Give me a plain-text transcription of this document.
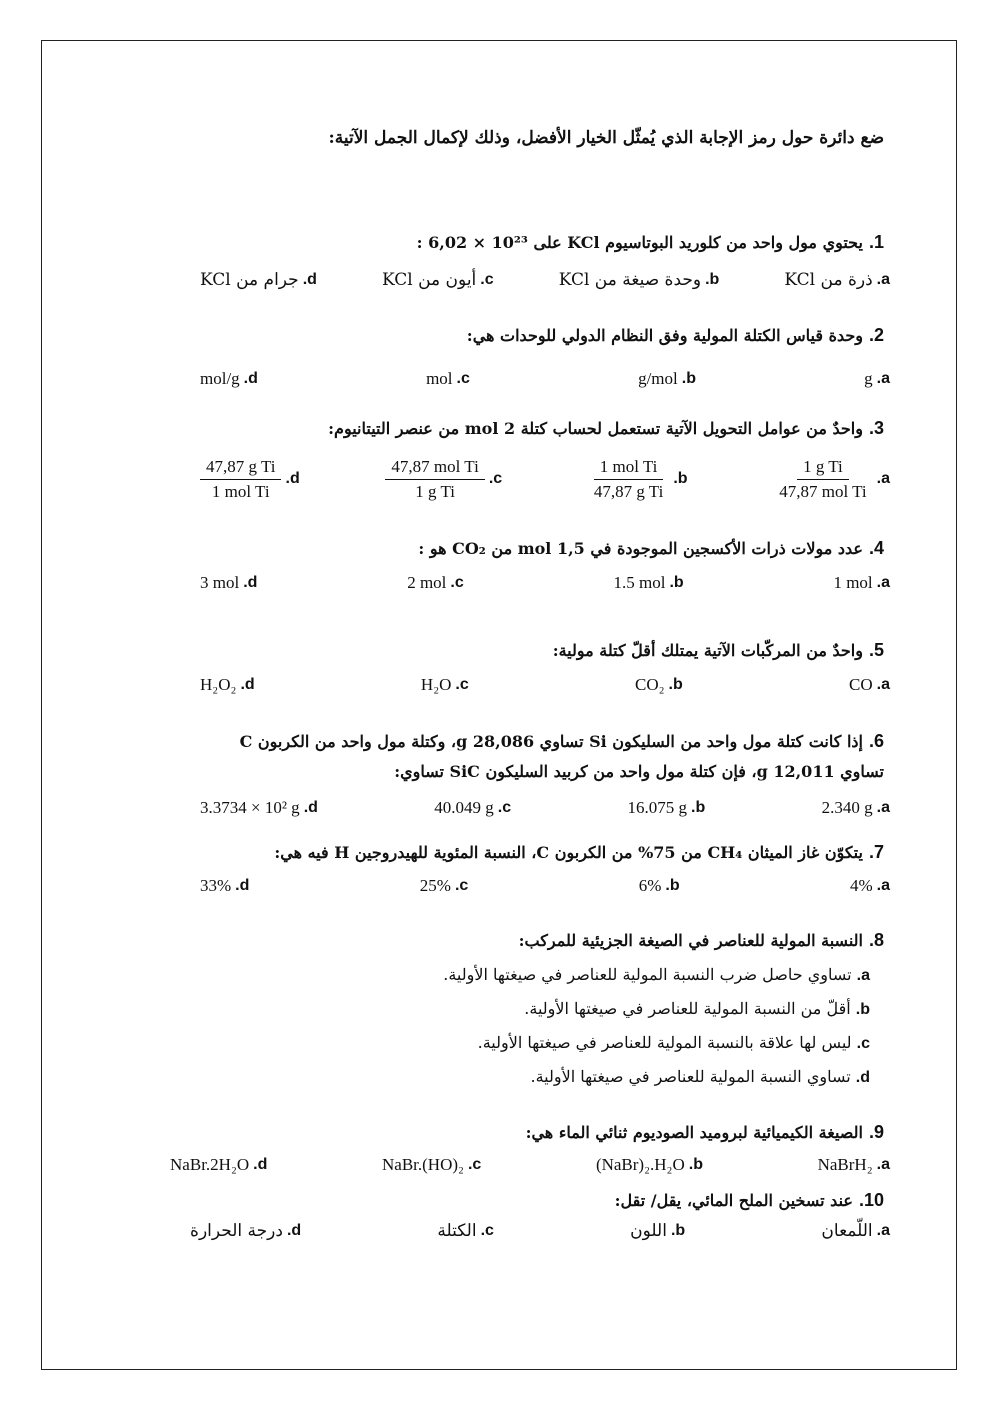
ضع دائرة حول رمز الإجابة الذي يُمثّل الخيار الأفضل، وذلك لإكمال الجمل الآتية:
1.يحتوي مول واحد من كلوريد البوتاسيوم KCl على 10²³ × 6,02 :
a.
ذرة من KCl
b.
وحدة صيغة من KCl
c.
أيون من KCl
d.
جرام من KCl
2.وحدة قياس الكتلة المولية وفق النظام الدولي للوحدات هي:
a.
g
b.
g/mol
c.
mol
d.
mol/g
3.واحدٌ من عوامل التحويل الآتية تستعمل لحساب كتلة 2 mol من عنصر التيتانيوم:
a.
$\frac{\text{1 g Ti}}{\text{47,87 mol Ti}}$
b.
$\frac{\text{1 mol Ti}}{\text{47,87 g Ti}}$
c.
$\frac{\text{47,87 mol Ti}}{\text{1 g Ti}}$
d.
$\frac{\text{47,87 g Ti}}{\text{1 mol Ti}}$
4.عدد مولات ذرات الأكسجين الموجودة في 1,5 mol من CO₂ هو :
a.
1 mol
b.
1.5 mol
c.
2 mol
d.
3 mol
5.واحدٌ من المركّبات الآتية يمتلك أقلّ كتلة مولية:
a.
CO
b.
CO₂
c.
H₂O
d.
H₂O₂
6.إذا كانت كتلة مول واحد من السليكون Si تساوي 28,086 g، وكتلة مول واحد من الكربون C تساوي 12,011 g، فإن كتلة مول واحد من كربيد السليكون SiC تساوي:
a.
2.340 g
b.
16.075 g
c.
40.049 g
d.
3.3734 × 10² g
7.يتكوّن غاز الميثان CH₄ من 75% من الكربون C، النسبة المئوية للهيدروجين H فيه هي:
a.
4%
b.
6%
c.
25%
d.
33%
8.النسبة المولية للعناصر في الصيغة الجزيئية للمركب:
a. تساوي حاصل ضرب النسبة المولية للعناصر في صيغتها الأولية.
b. أقلّ من النسبة المولية للعناصر في صيغتها الأولية.
c. ليس لها علاقة بالنسبة المولية للعناصر في صيغتها الأولية.
d. تساوي النسبة المولية للعناصر في صيغتها الأولية.
9.الصيغة الكيميائية لبروميد الصوديوم ثنائي الماء هي:
a.
NaBrH₂
b.
(NaBr)₂.H₂O
c.
NaBr.(HO)₂
d.
NaBr.2H₂O
10.عند تسخين الملح المائي، يقل/ تقل:
a.
اللّمعان
b.
اللون
c.
الكتلة
d.
درجة الحرارة
